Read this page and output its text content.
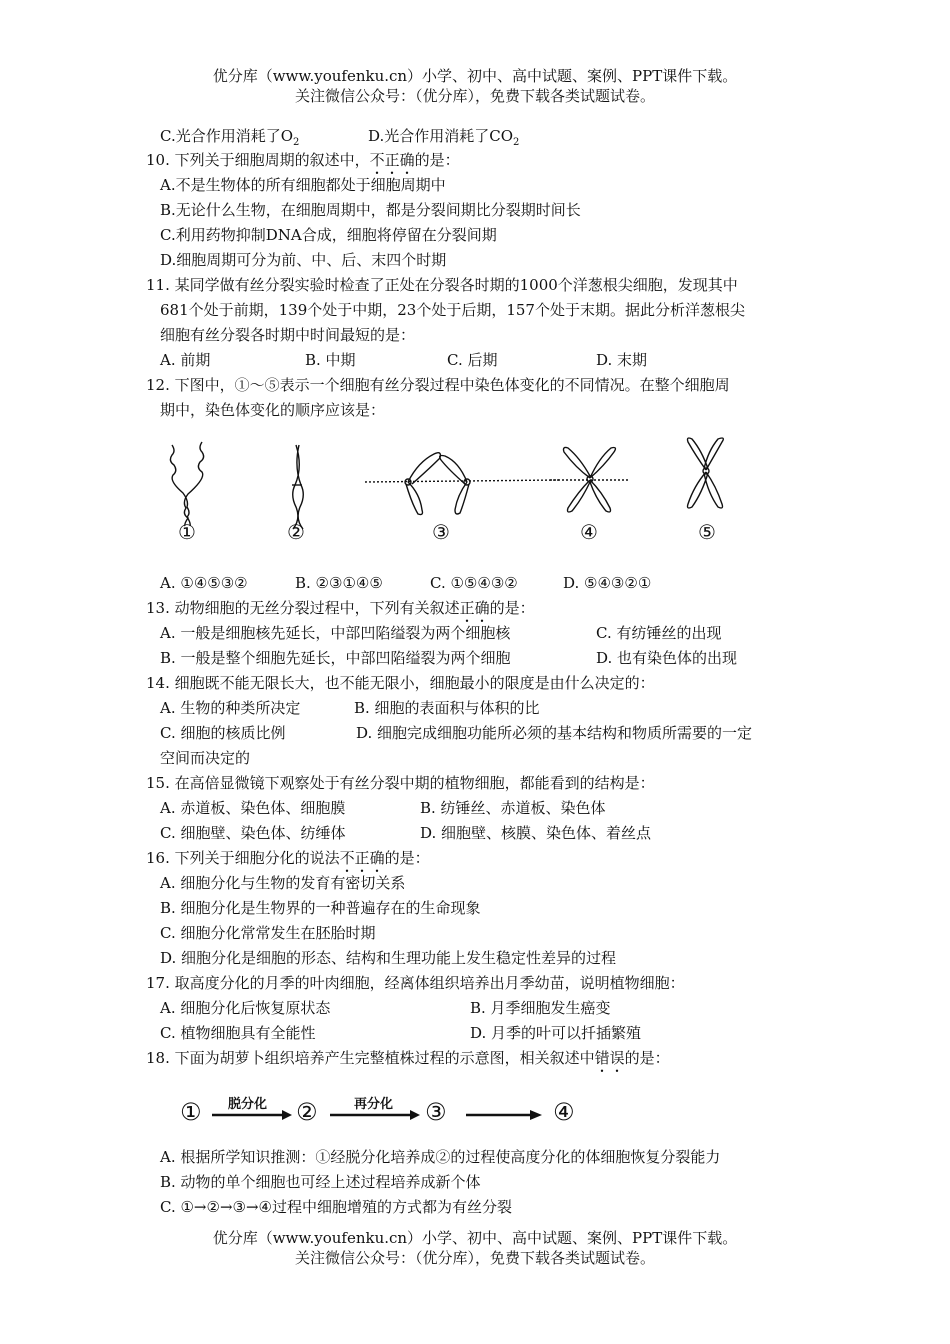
优分库（www.youfenku.cn）小学、初中、高中试题、案例、PPT课件下载。
关注微信公众号：（优分库），免费下载各类试题试卷。
C.光合作用消耗了$O_2$	D.光合作用消耗了$CO_2$
10. 下列关于细胞周期的叙述中，不正确的是：
A.不是生物体的所有细胞都处于细胞周期中
B.无论什么生物，在细胞周期中，都是分裂间期比分裂期时间长
C.利用药物抑制DNA合成，细胞将停留在分裂间期
D.细胞周期可分为前、中、后、末四个时期
11. 某同学做有丝分裂实验时检查了正处在分裂各时期的1000个洋葱根尖细胞，发现其中
681个处于前期，139个处于中期，23个处于后期，157个处于末期。据此分析洋葱根尖
细胞有丝分裂各时期中时间最短的是：
A. 前期	B. 中期	C. 后期	D. 末期
12. 下图中，①～⑤表示一个细胞有丝分裂过程中染色体变化的不同情况。在整个细胞周
期中，染色体变化的顺序应该是：
①	②	③	④	⑤
A. ①④⑤③②	B. ②③①④⑤	C. ①⑤④③②	D. ⑤④③②①
13. 动物细胞的无丝分裂过程中，下列有关叙述正确的是：
A. 一般是细胞核先延长，中部凹陷缢裂为两个细胞核	C. 有纺锤丝的出现
B. 一般是整个细胞先延长，中部凹陷缢裂为两个细胞	D. 也有染色体的出现
14. 细胞既不能无限长大，也不能无限小，细胞最小的限度是由什么决定的：
A. 生物的种类所决定	B. 细胞的表面积与体积的比
C. 细胞的核质比例	D. 细胞完成细胞功能所必须的基本结构和物质所需要的一定
空间而决定的
15. 在高倍显微镜下观察处于有丝分裂中期的植物细胞，都能看到的结构是：
A. 赤道板、染色体、细胞膜	B. 纺锤丝、赤道板、染色体
C. 细胞壁、染色体、纺缍体	D. 细胞壁、核膜、染色体、着丝点
16. 下列关于细胞分化的说法不正确的是：
A. 细胞分化与生物的发育有密切关系
B. 细胞分化是生物界的一种普遍存在的生命现象
C. 细胞分化常常发生在胚胎时期
D. 细胞分化是细胞的形态、结构和生理功能上发生稳定性差异的过程
17. 取高度分化的月季的叶肉细胞，经离体组织培养出月季幼苗，说明植物细胞：
A. 细胞分化后恢复原状态	B. 月季细胞发生癌变
C. 植物细胞具有全能性	D. 月季的叶可以扦插繁殖
18. 下面为胡萝卜组织培养产生完整植株过程的示意图，相关叙述中错误的是：
① 脱分化 ②	再分化 ③	④
A. 根据所学知识推测：①经脱分化培养成②的过程使高度分化的体细胞恢复分裂能力
B. 动物的单个细胞也可经上述过程培养成新个体
C. ①→②→③→④过程中细胞增殖的方式都为有丝分裂
优分库（www.youfenku.cn）小学、初中、高中试题、案例、PPT课件下载。
关注微信公众号：（优分库），免费下载各类试题试卷。
